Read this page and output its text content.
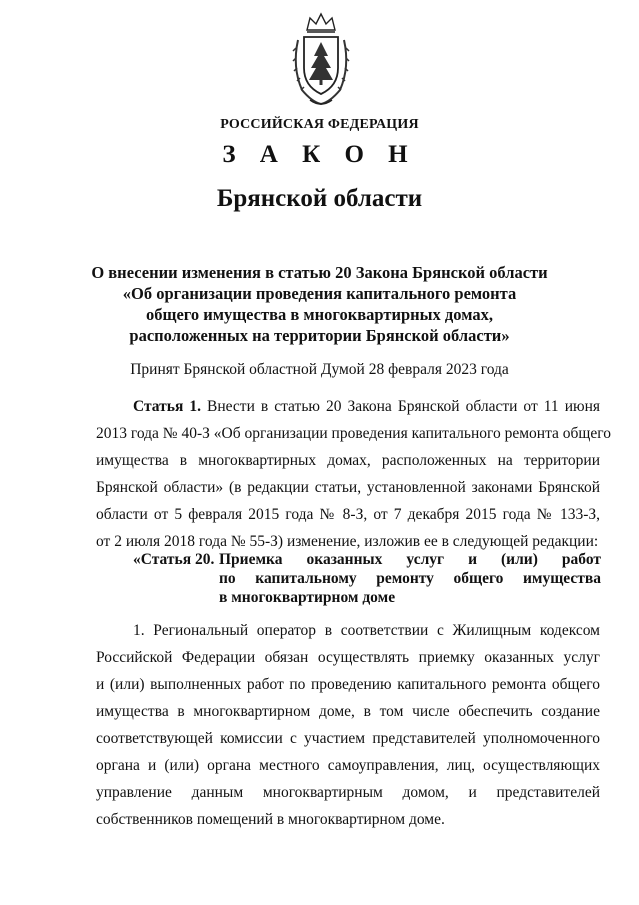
РОССИЙСКАЯ ФЕДЕРАЦИЯ
З А К О Н
Брянской области
О внесении изменения в статью 20 Закона Брянской области
«Об организации проведения капитального ремонта
общего имущества в многоквартирных домах,
расположенных на территории Брянской области»
Принят Брянской областной Думой 28 февраля 2023 года
Статья 1. Внести в статью 20 Закона Брянской области от 11 июня
2013 года № 40-З «Об организации проведения капитального ремонта общего
имущества в многоквартирных домах, расположенных на территории
Брянской области» (в редакции статьи, установленной законами Брянской
области от 5 февраля 2015 года № 8-З, от 7 декабря 2015 года № 133-З,
от 2 июля 2018 года № 55-З) изменение, изложив ее в следующей редакции:
«Статья 20. Приемка оказанных услуг и (или) работ
по капитальному ремонту общего имущества
в многоквартирном доме
1. Региональный оператор в соответствии с Жилищным кодексом
Российской Федерации обязан осуществлять приемку оказанных услуг
и (или) выполненных работ по проведению капитального ремонта общего
имущества в многоквартирном доме, в том числе обеспечить создание
соответствующей комиссии с участием представителей уполномоченного
органа и (или) органа местного самоуправления, лиц, осуществляющих
управление данным многоквартирным домом, и представителей
собственников помещений в многоквартирном доме.
